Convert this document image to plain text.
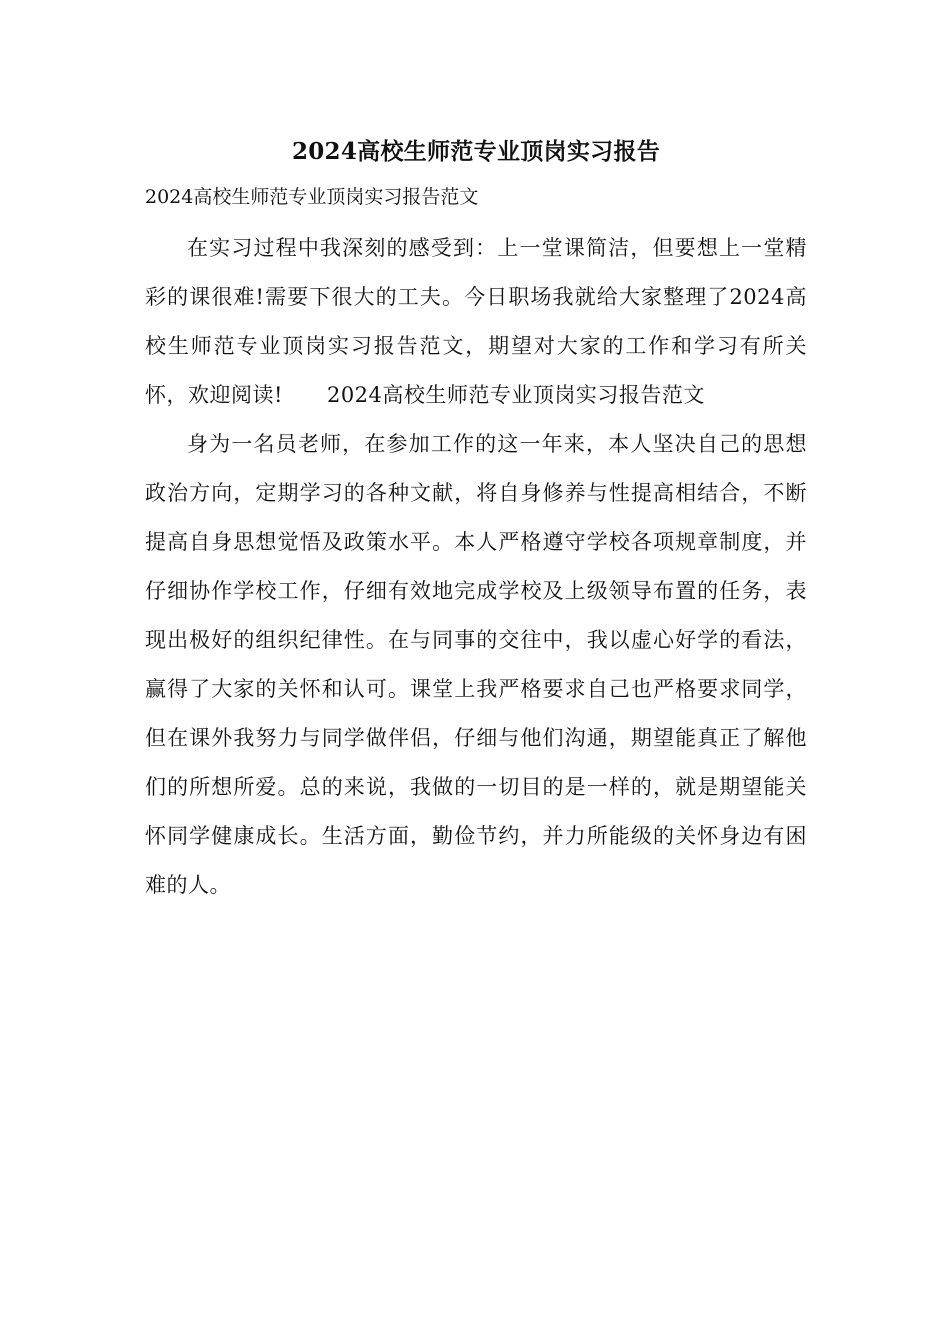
2024高校生师范专业顶岗实习报告
2024高校生师范专业顶岗实习报告范文

在实习过程中我深刻的感受到：上一堂课简洁，但要想上一堂精彩的课很难!需要下很大的工夫。今日职场我就给大家整理了2024高校生师范专业顶岗实习报告范文，期望对大家的工作和学习有所关怀，欢迎阅读! 2024高校生师范专业顶岗实习报告范文

身为一名员老师，在参加工作的这一年来，本人坚决自己的思想政治方向，定期学习的各种文献，将自身修养与性提高相结合，不断提高自身思想觉悟及政策水平。本人严格遵守学校各项规章制度，并仔细协作学校工作，仔细有效地完成学校及上级领导布置的任务，表现出极好的组织纪律性。在与同事的交往中，我以虚心好学的看法，赢得了大家的关怀和认可。课堂上我严格要求自己也严格要求同学，但在课外我努力与同学做伴侣，仔细与他们沟通，期望能真正了解他们的所想所爱。总的来说，我做的一切目的是一样的，就是期望能关怀同学健康成长。生活方面，勤俭节约，并力所能级的关怀身边有困难的人。
